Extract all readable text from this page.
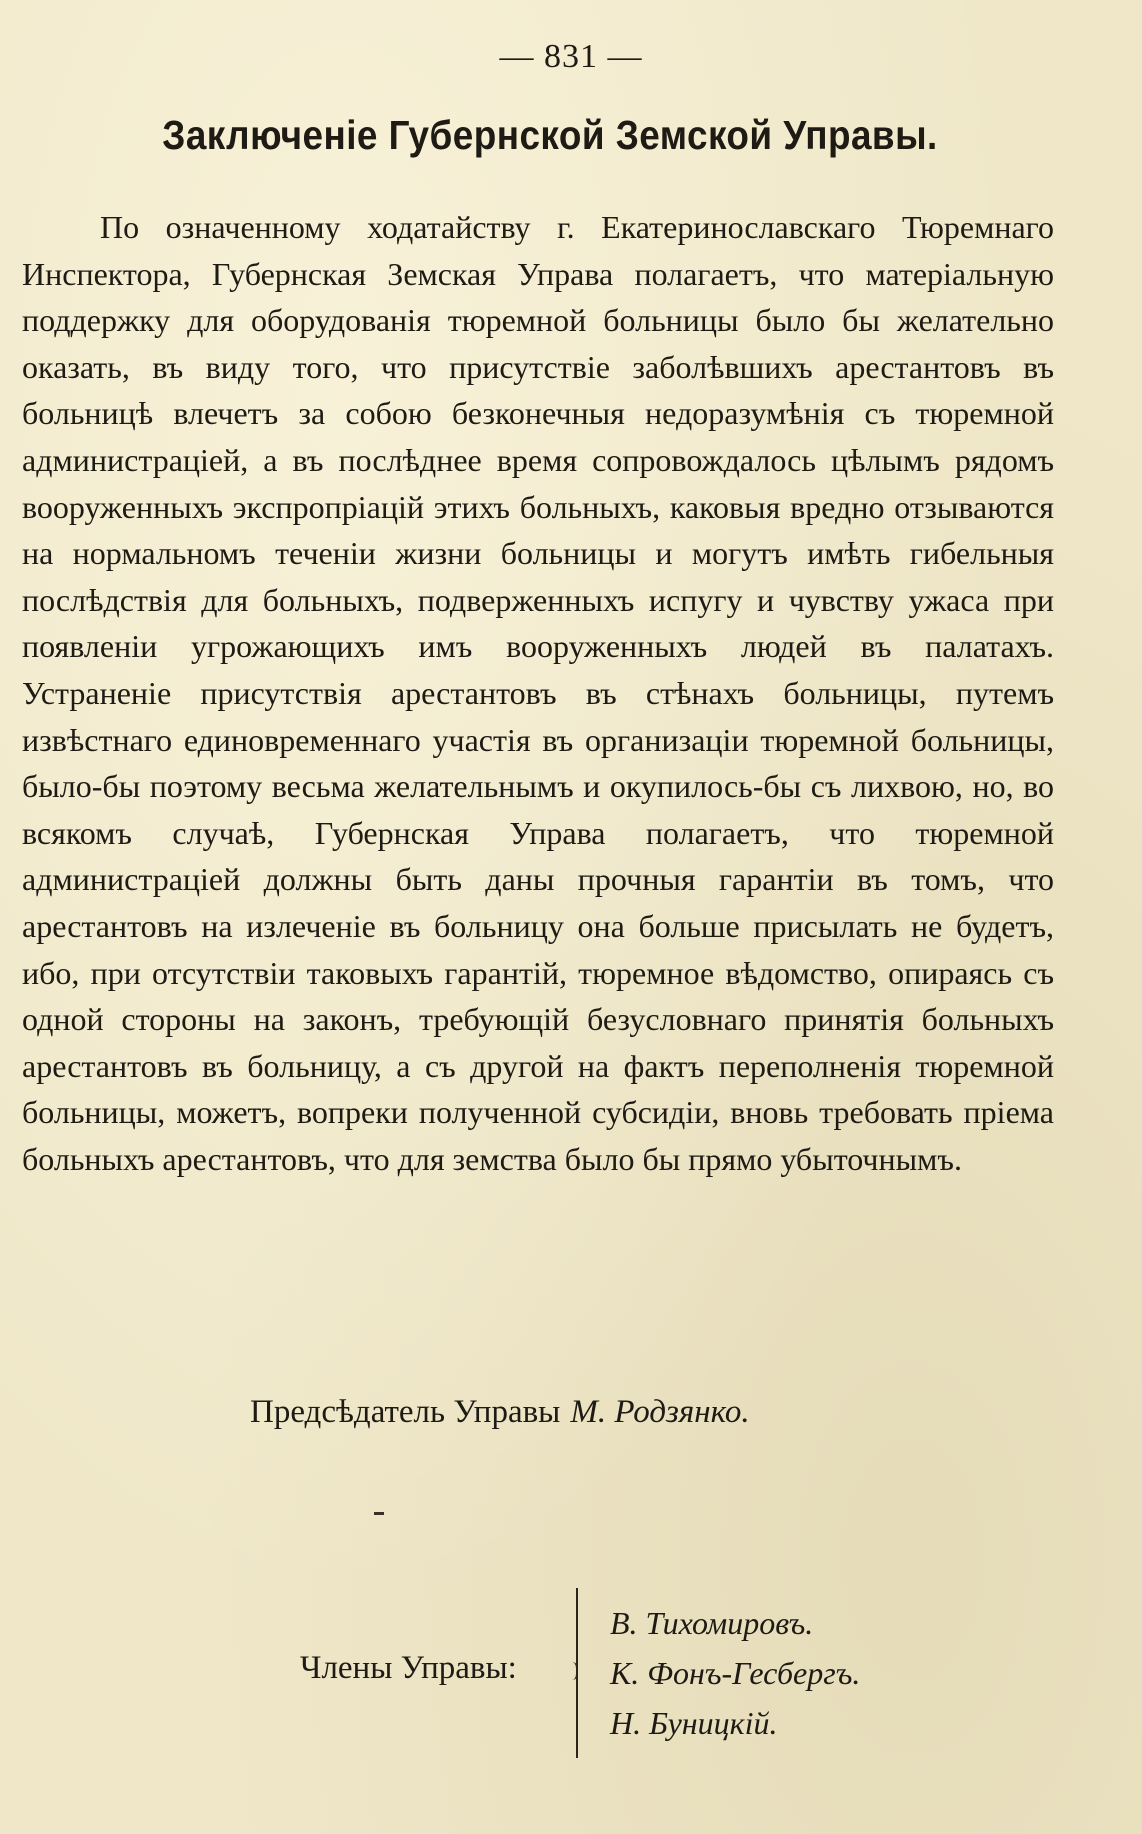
— 831 —
Заключеніе Губернской Земской Управы.

По означенному ходатайству г. Екатеринославскаго Тюремнаго Инспектора, Губернская Земская Управа полагаетъ, что матеріальную поддержку для оборудованія тюремной больницы было бы желательно оказать, въ виду того, что присутствіе заболѣвшихъ арестантовъ въ больницѣ влечетъ за собою безконечныя недоразумѣнія съ тюремной администраціей, а въ послѣднее время сопровождалось цѣлымъ рядомъ вооруженныхъ экспропріацій этихъ больныхъ, каковыя вредно отзываются на нормальномъ теченіи жизни больницы и могутъ имѣть гибельныя послѣдствія для больныхъ, подверженныхъ испугу и чувству ужаса при появленіи угрожающихъ имъ вооруженныхъ людей въ палатахъ. Устраненіе присутствія арестантовъ въ стѣнахъ больницы, путемъ извѣстнаго единовременнаго участія въ организаціи тюремной больницы, было-бы поэтому весьма желательнымъ и окупилось-бы съ лихвою, но, во всякомъ случаѣ, Губернская Управа полагаетъ, что тюремной администраціей должны быть даны прочныя гарантіи въ томъ, что арестантовъ на излеченіе въ больницу она больше присылать не будетъ, ибо, при отсутствіи таковыхъ гарантій, тюремное вѣдомство, опираясь съ одной стороны на законъ, требующій безусловнаго принятія больныхъ арестантовъ въ больницу, а съ другой на фактъ переполненія тюремной больницы, можетъ, вопреки полученной субсидіи, вновь требовать пріема больныхъ арестантовъ, что для земства было бы прямо убыточнымъ.

Предсѣдатель Управы М. Родзянко.
Члены Управы:
В. Тихомировъ.
К. Фонъ-Гесбергъ.
Н. Буницкій.
